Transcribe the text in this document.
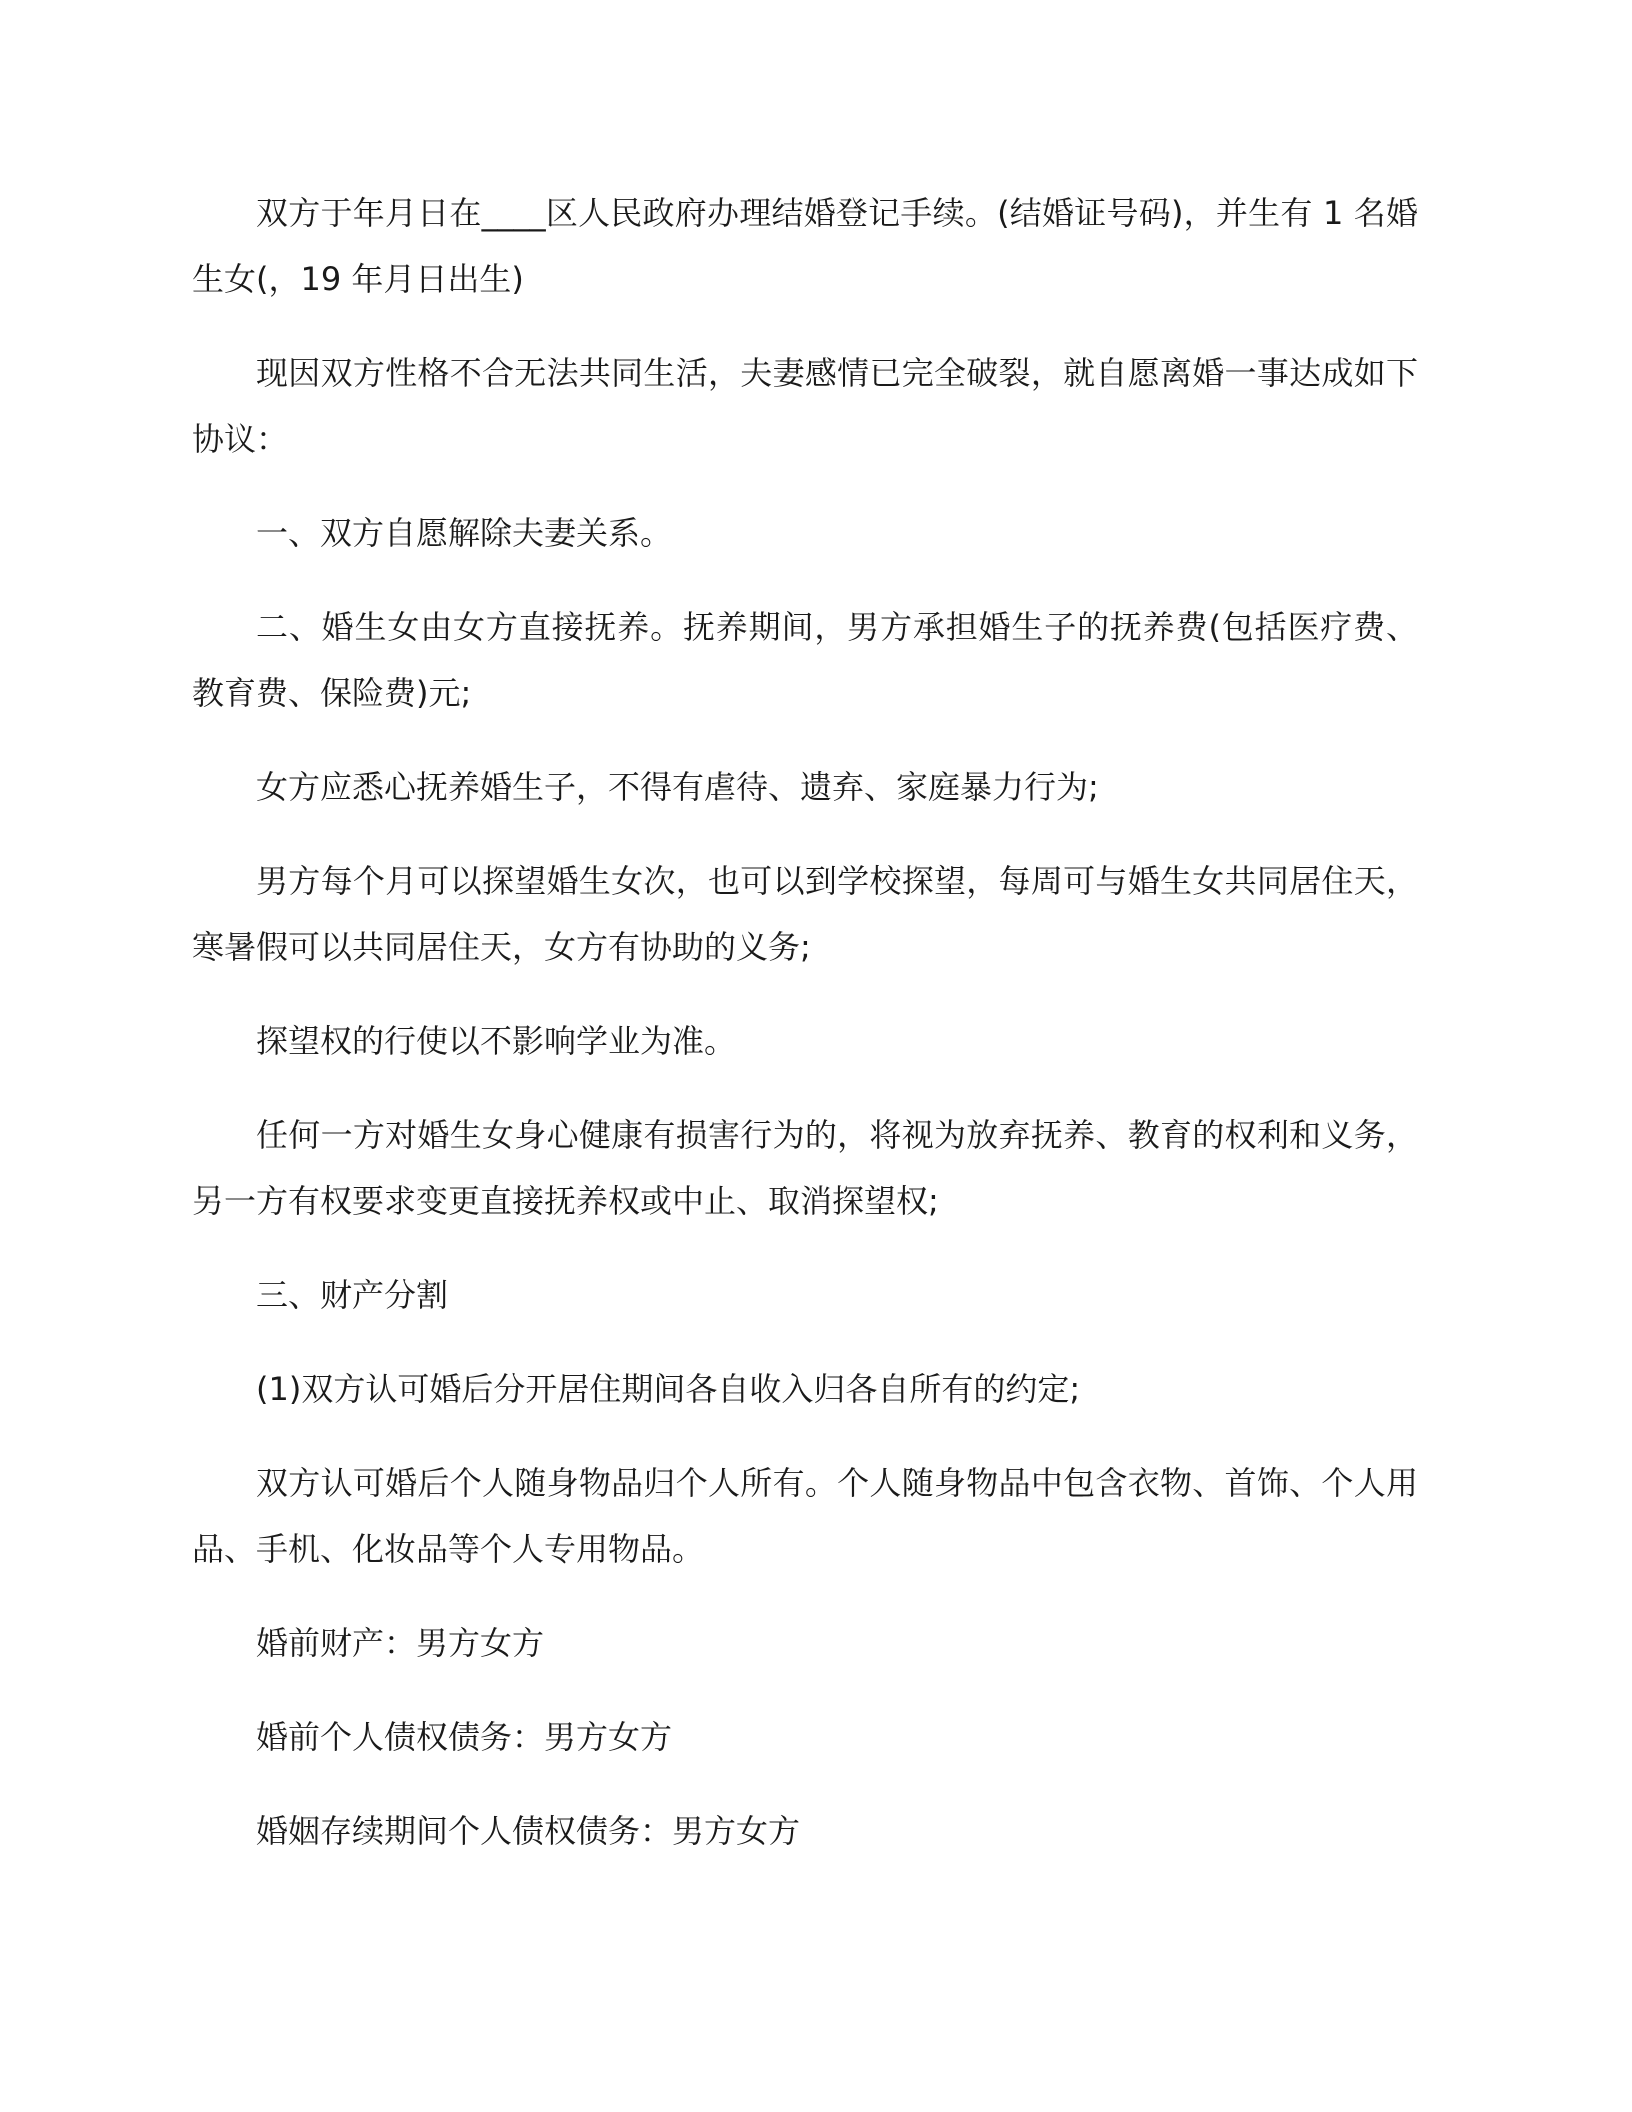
双方于年月日在____区人民政府办理结婚登记手续。(结婚证号码)，并生有 1 名婚生女(，19 年月日出生)

现因双方性格不合无法共同生活，夫妻感情已完全破裂，就自愿离婚一事达成如下协议：

一、双方自愿解除夫妻关系。

二、婚生女由女方直接抚养。抚养期间，男方承担婚生子的抚养费(包括医疗费、教育费、保险费)元;

女方应悉心抚养婚生子，不得有虐待、遗弃、家庭暴力行为;

男方每个月可以探望婚生女次，也可以到学校探望，每周可与婚生女共同居住天，寒暑假可以共同居住天，女方有协助的义务;

探望权的行使以不影响学业为准。

任何一方对婚生女身心健康有损害行为的，将视为放弃抚养、教育的权利和义务，另一方有权要求变更直接抚养权或中止、取消探望权;

三、财产分割

(1)双方认可婚后分开居住期间各自收入归各自所有的约定;

双方认可婚后个人随身物品归个人所有。个人随身物品中包含衣物、首饰、个人用品、手机、化妆品等个人专用物品。

婚前财产：男方女方

婚前个人债权债务：男方女方

婚姻存续期间个人债权债务：男方女方
